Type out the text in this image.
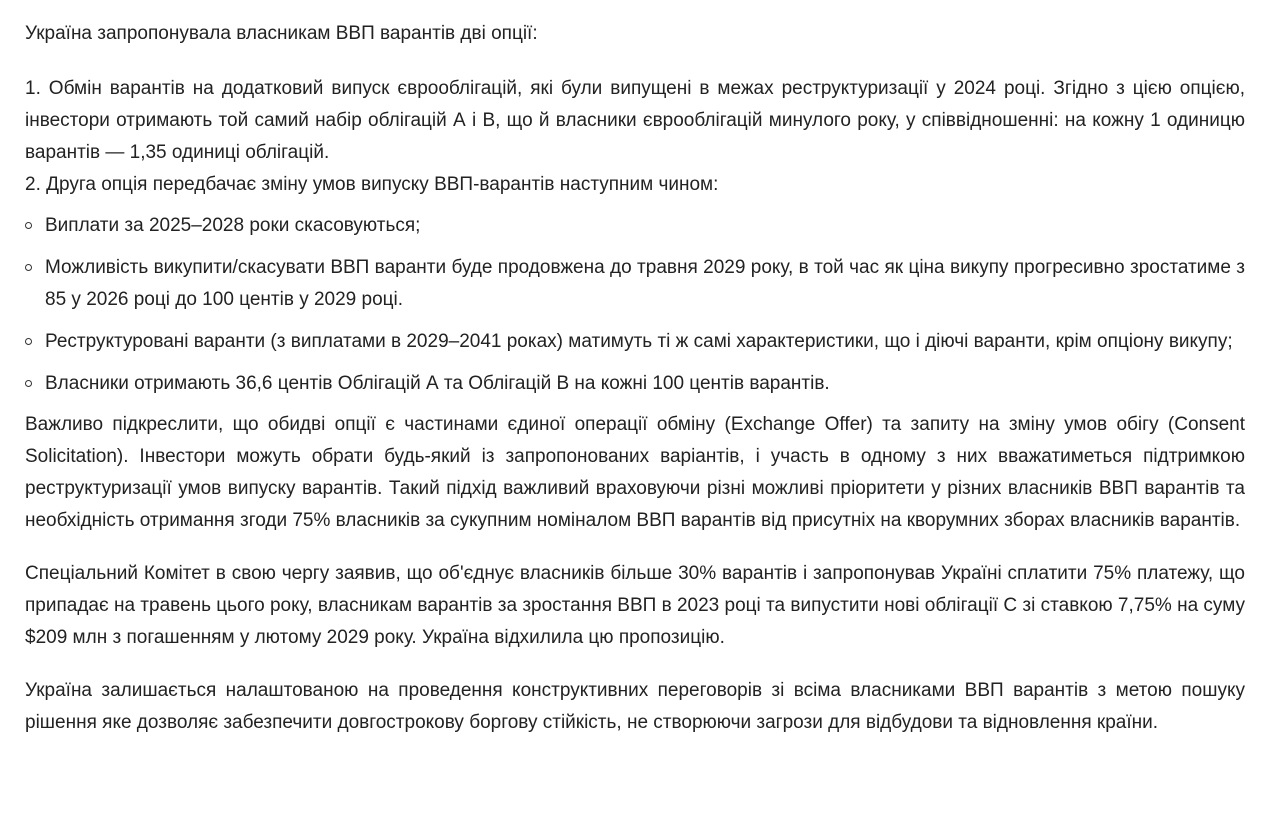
Україна запропонувала власникам ВВП варантів дві опції:

1. Обмін варантів на додатковий випуск єврооблігацій, які були випущені в межах реструктуризації у 2024 році. Згідно з цією опцією, інвестори отримають той самий набір облігацій А і В, що й власники єврооблігацій минулого року, у співвідношенні: на кожну 1 одиницю варантів — 1,35 одиниці облігацій.

2. Друга опція передбачає зміну умов випуску ВВП-варантів наступним чином:

Виплати за 2025–2028 роки скасовуються;
Можливість викупити/скасувати ВВП варанти буде продовжена до травня 2029 року, в той час як ціна викупу прогресивно зростатиме з 85 у 2026 році до 100 центів у 2029 році.
Реструктуровані варанти (з виплатами в 2029–2041 роках) матимуть ті ж самі характеристики, що і діючі варанти, крім опціону викупу;
Власники отримають 36,6 центів Облігацій А та Облігацій В на кожні 100 центів варантів.

Важливо підкреслити, що обидві опції є частинами єдиної операції обміну (Exchange Offer) та запиту на зміну умов обігу (Consent Solicitation). Інвестори можуть обрати будь-який із запропонованих варіантів, і участь в одному з них вважатиметься підтримкою реструктуризації умов випуску варантів. Такий підхід важливий враховуючи різні можливі пріоритети у різних власників ВВП варантів та необхідність отримання згоди 75% власників за сукупним номіналом ВВП варантів від присутніх на кворумних зборах власників варантів.

Спеціальний Комітет в свою чергу заявив, що об'єднує власників більше 30% варантів і запропонував Україні сплатити 75% платежу, що припадає на травень цього року, власникам варантів за зростання ВВП в 2023 році та випустити нові облігації С зі ставкою 7,75% на суму $209 млн з погашенням у лютому 2029 року. Україна відхилила цю пропозицію.

Україна залишається налаштованою на проведення конструктивних переговорів зі всіма власниками ВВП варантів з метою пошуку рішення яке дозволяє забезпечити довгострокову боргову стійкість, не створюючи загрози для відбудови та відновлення країни.
